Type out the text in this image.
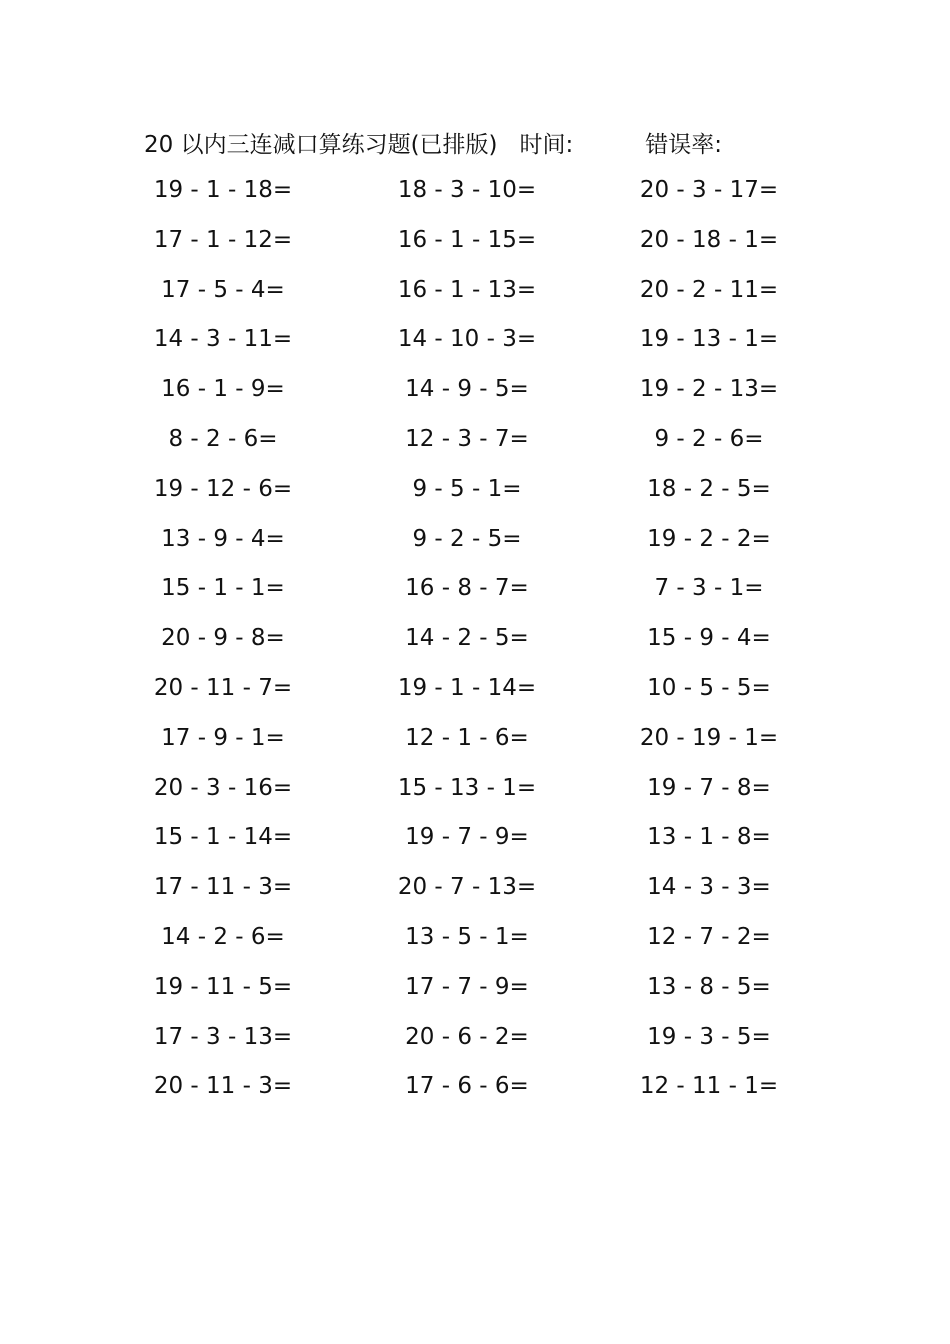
20 以内三连减口算练习题(已排版) 时间:	错误率:
19 - 1 - 18=	18 - 3 - 10=	20 - 3 - 17=
17 - 1 - 12=	16 - 1 - 15=	20 - 18 - 1=
17 - 5 - 4=	16 - 1 - 13=	20 - 2 - 11=
14 - 3 - 11=	14 - 10 - 3=	19 - 13 - 1=
16 - 1 - 9=	14 - 9 - 5=	19 - 2 - 13=
8 - 2 - 6=	12 - 3 - 7=	9 - 2 - 6=
19 - 12 - 6=	9 - 5 - 1=	18 - 2 - 5=
13 - 9 - 4=	9 - 2 - 5=	19 - 2 - 2=
15 - 1 - 1=	16 - 8 - 7=	7 - 3 - 1=
20 - 9 - 8=	14 - 2 - 5=	15 - 9 - 4=
20 - 11 - 7=	19 - 1 - 14=	10 - 5 - 5=
17 - 9 - 1=	12 - 1 - 6=	20 - 19 - 1=
20 - 3 - 16=	15 - 13 - 1=	19 - 7 - 8=
15 - 1 - 14=	19 - 7 - 9=	13 - 1 - 8=
17 - 11 - 3=	20 - 7 - 13=	14 - 3 - 3=
14 - 2 - 6=	13 - 5 - 1=	12 - 7 - 2=
19 - 11 - 5=	17 - 7 - 9=	13 - 8 - 5=
17 - 3 - 13=	20 - 6 - 2=	19 - 3 - 5=
20 - 11 - 3=	17 - 6 - 6=	12 - 11 - 1=
